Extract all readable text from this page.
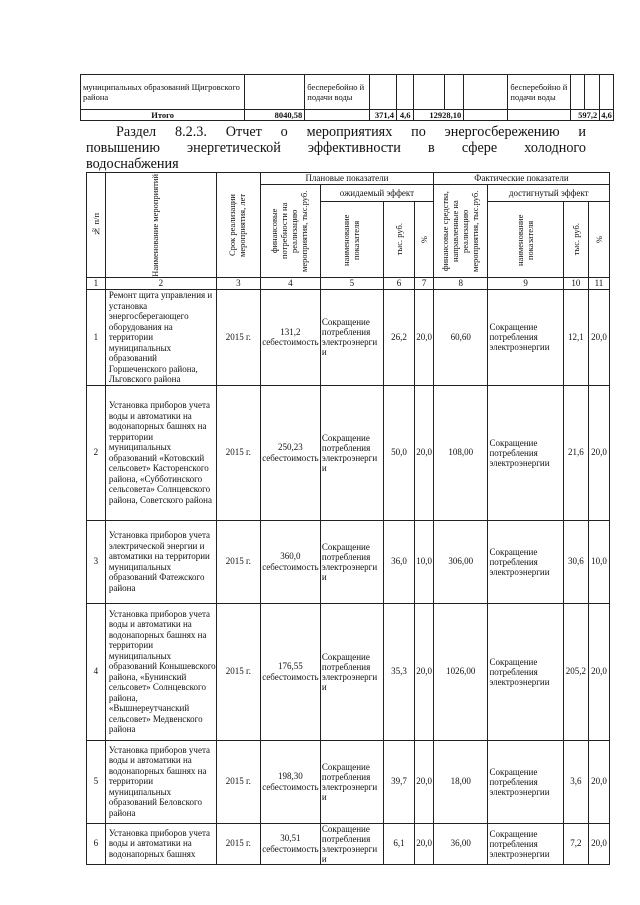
муниципальных образований Щигровского района		бесперебойно й подачи воды						бесперебойно й подачи воды			
Итого	8040,58		371,4	4,6	12928,10				597,2		4,6
Раздел 8.2.3. Отчет о мероприятиях по энергосбережению и
повышению энергетической эффективности в сфере холодного
водоснабжения
№ п/п	Наименование мероприятий	Срок реализации мероприятия, лет	Плановые показатели				Фактические показатели			

			финансовые потребности на реализацию мероприятия, тыс.руб.	ожидаемый эффект			финансовые средства, направленные на реализацию мероприятия, тыс.руб.	достигнутый эффект		

				наименование показателя	тыс. руб.	%		наименование показателя	тыс. руб.	%

1	2	3	4	5	6	7	8	9	10	11
1	Ремонт щита управления и установка энергосберегающего оборудования на территории муниципальных образований Горшеченского района, Льговского района	2015 г.	131,2 себестоимость	Сокращение потребления электроэнерги и	26,2	20,0	60,60	Сокращение потребления электроэнергии	12,1	20,0
2	Установка приборов учета воды и автоматики на водонапорных башнях на территории муниципальных образований «Котовский сельсовет» Касторенского района, «Субботинского сельсовета» Солнцевского района, Советского района	2015 г.	250,23 себестоимость	Сокращение потребления электроэнерги и	50,0	20,0	108,00	Сокращение потребления электроэнергии	21,6	20,0
3	Установка приборов учета электрической энергии и автоматики на территории муниципальных образований Фатежского района	2015 г.	360,0 себестоимость	Сокращение потребления электроэнерги и	36,0	10,0	306,00	Сокращение потребления электроэнергии	30,6	10,0
4	Установка приборов учета воды и автоматики на водонапорных башнях на территории муниципальных образований Конышевского района, «Бунинский сельсовет» Солнцевского района, «Вышнереутчанский сельсовет» Медвенского района	2015 г.	176,55 себестоимость	Сокращение потребления электроэнерги и	35,3	20,0	1026,00	Сокращение потребления электроэнергии	205,2	20,0
5	Установка приборов учета воды и автоматики на водонапорных башнях на территории муниципальных образований Беловского района	2015 г.	198,30 себестоимость	Сокращение потребления электроэнерги и	39,7	20,0	18,00	Сокращение потребления электроэнергии	3,6	20,0
6	Установка приборов учета воды и автоматики на водонапорных башнях	2015 г.	30,51 себестоимость	Сокращение потребления электроэнерги и	6,1	20,0	36,00	Сокращение потребления электроэнергии	7,2	20,0
